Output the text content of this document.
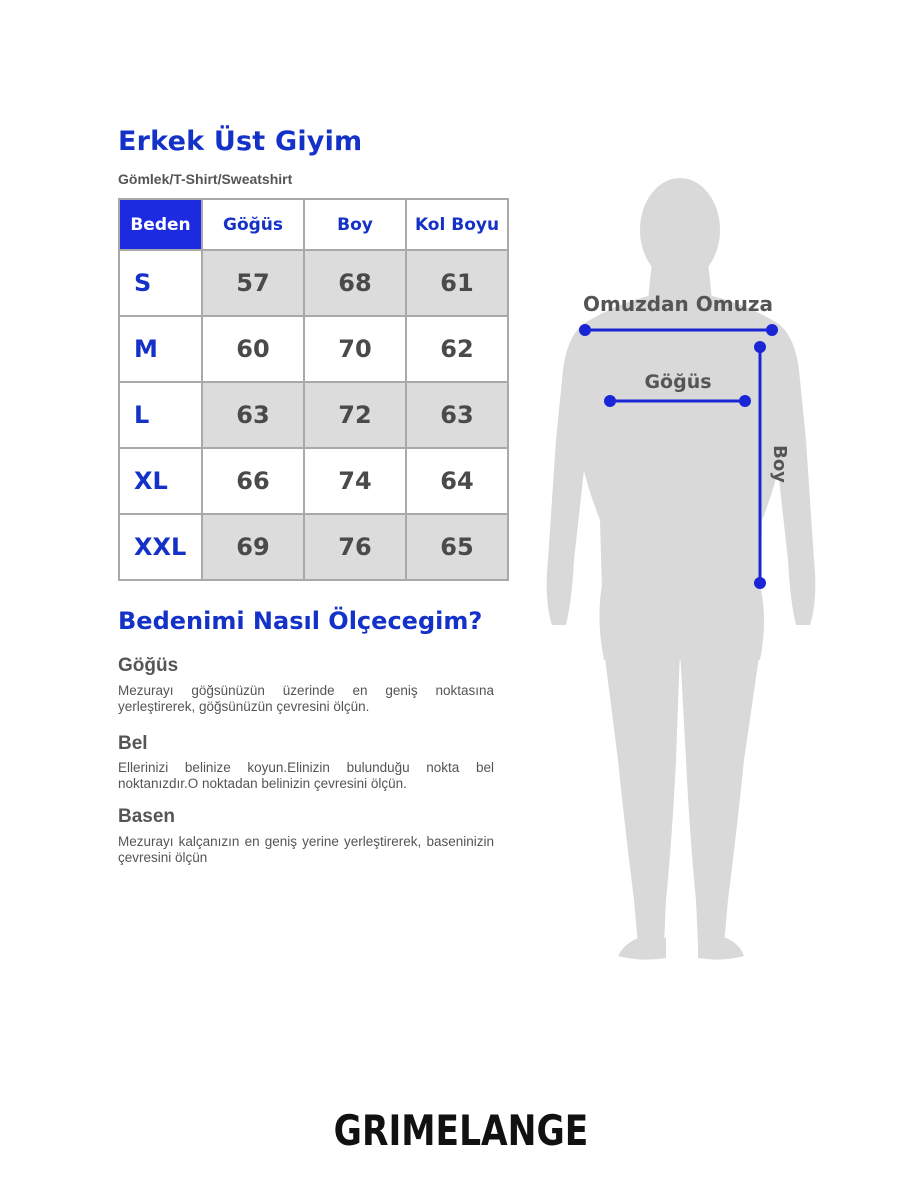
Erkek Üst Giyim
Gömlek/T-Shirt/Sweatshirt
Beden	Göğüs	Boy	Kol Boyu
S	57	68	61
M	60	70	62
L	63	72	63
XL	66	74	64
XXL	69	76	65
Bedenimi Nasıl Ölçecegim?
Göğüs
Mezurayı göğsünüzün üzerinde en geniş noktasına yerleştirerek, göğsünüzün çevresini ölçün.
Bel
Ellerinizi belinize koyun.Elinizin bulunduğu nokta bel noktanızdır.O noktadan belinizin çevresini ölçün.
Basen
Mezurayı kalçanızın en geniş yerine yerleştirerek, baseninizin çevresini ölçün
Omuzdan Omuza
Göğüs
Boy
GRIMELANGE
